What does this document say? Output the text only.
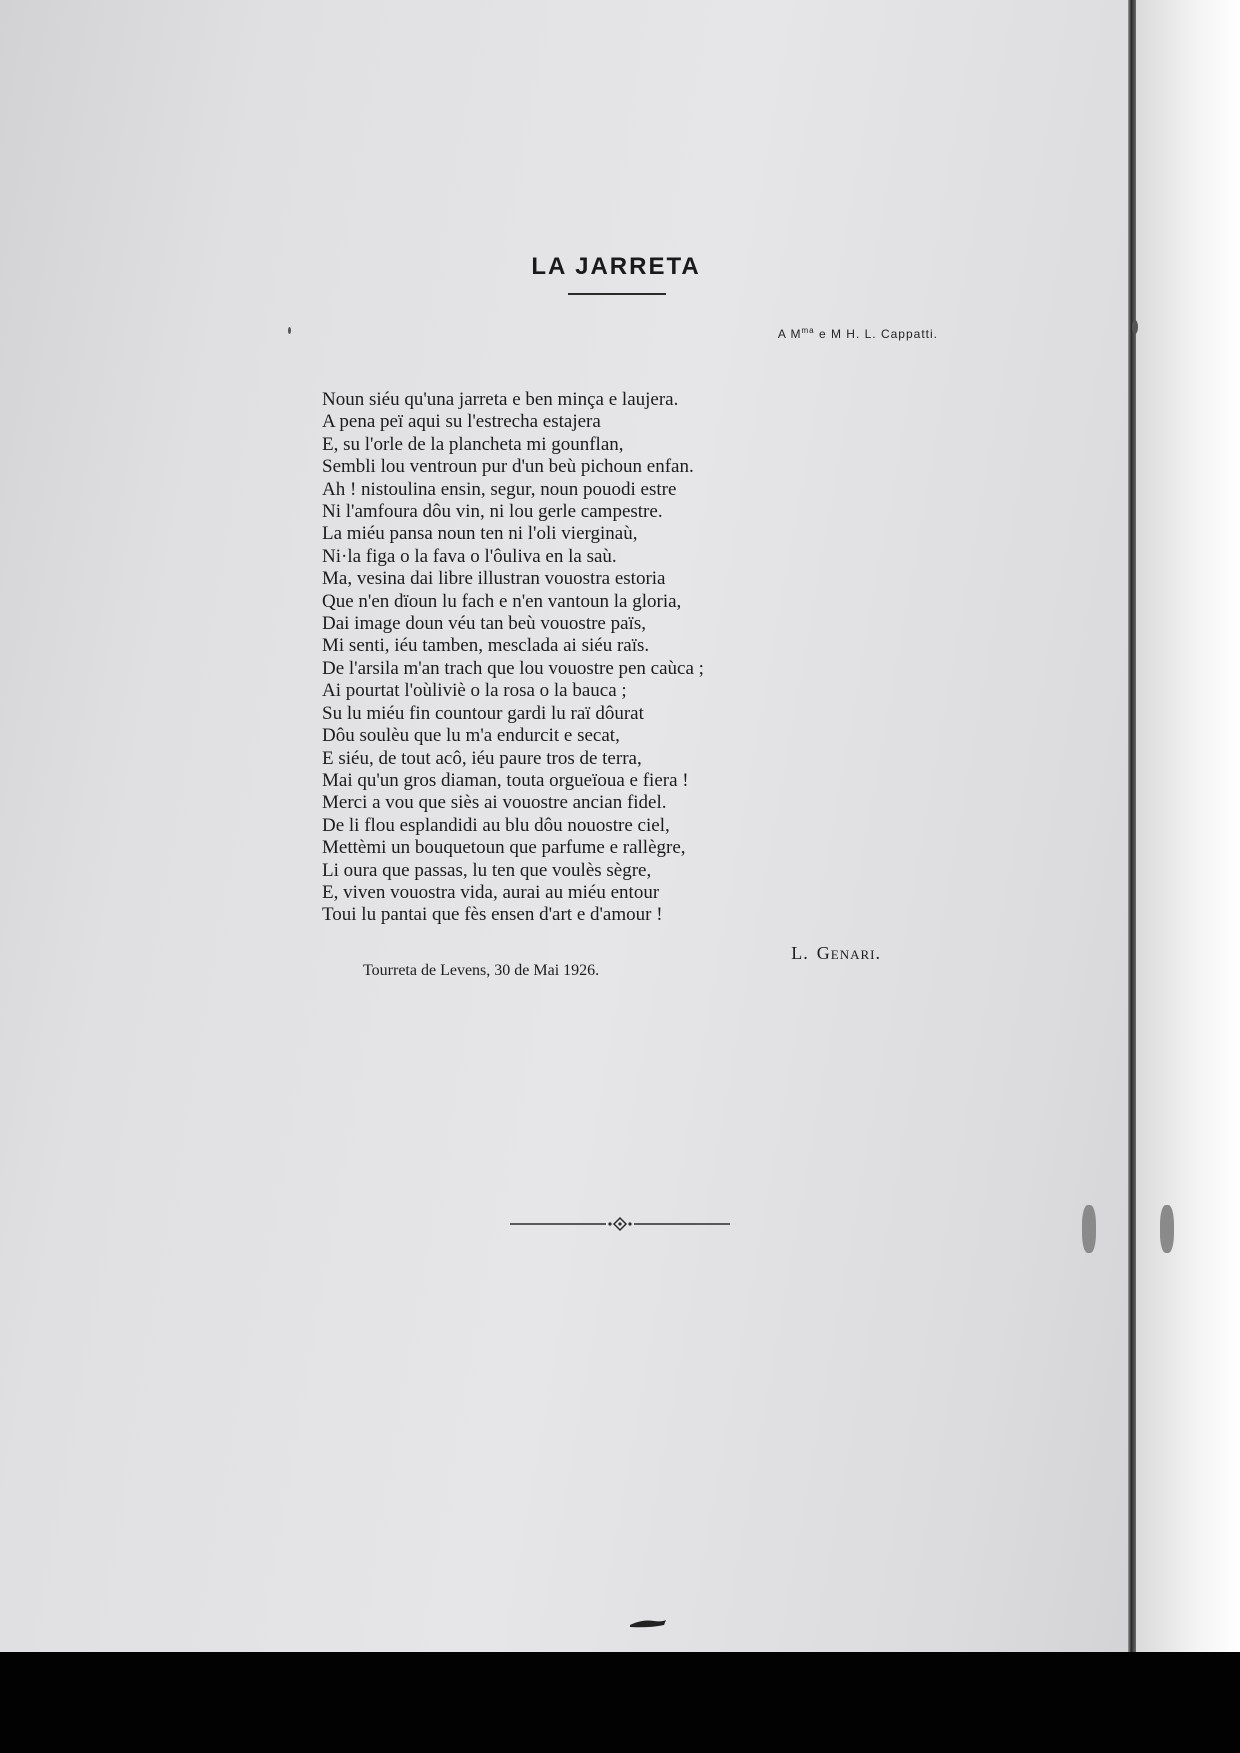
LA JARRETA
A $M^{ma}$ e M H. L. Cappatti.
Noun siéu qu'una jarreta e ben minça e laujera.
A pena peï aqui su l'estrecha estajera
E, su l'orle de la plancheta mi gounflan,
Sembli lou ventroun pur d'un beù pichoun enfan.
Ah ! nistoulina ensin, segur, noun pouodi estre
Ni l'amfoura dôu vin, ni lou gerle campestre.
La miéu pansa noun ten ni l'oli vierginaù,
Ni·la figa o la fava o l'ôuliva en la saù.
Ma, vesina dai libre illustran vouostra estoria
Que n'en dïoun lu fach e n'en vantoun la gloria,
Dai image doun véu tan beù vouostre païs,
Mi senti, iéu tamben, mesclada ai siéu raïs.
De l'arsila m'an trach que lou vouostre pen caùca ;
Ai pourtat l'oùliviè o la rosa o la bauca ;
Su lu miéu fin countour gardi lu raï dôurat
Dôu soulèu que lu m'a endurcit e secat,
E siéu, de tout acô, iéu paure tros de terra,
Mai qu'un gros diaman, touta orgueïoua e fiera !
Merci a vou que siès ai vouostre ancian fidel.
De li flou esplandidi au blu dôu nouostre ciel,
Mettèmi un bouquetoun que parfume e rallègre,
Li oura que passas, lu ten que voulès sègre,
E, viven vouostra vida, aurai au miéu entour
Toui lu pantai que fès ensen d'art e d'amour !
L. Genari.
Tourreta de Levens, 30 de Mai 1926.
